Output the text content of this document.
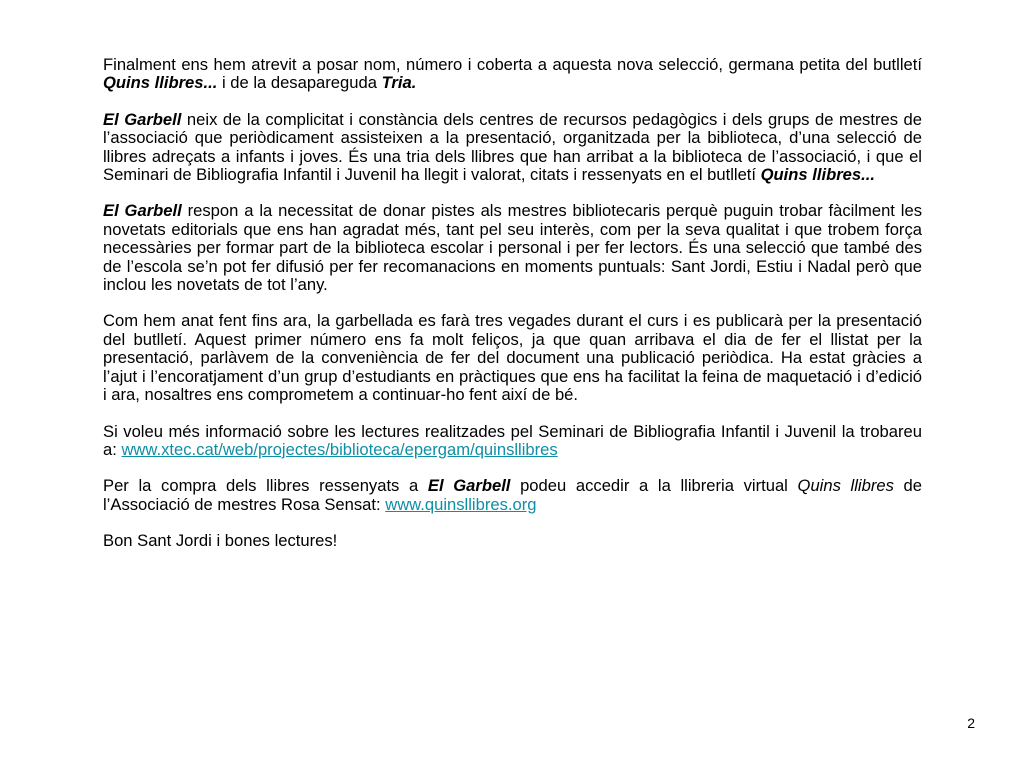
Finalment ens hem atrevit a posar nom, número i coberta a aquesta nova selecció, germana petita del butlletí Quins llibres... i de la desapareguda Tria.

El Garbell neix de la complicitat i constància dels centres de recursos pedagògics i dels grups de mestres de l’associació que periòdicament assisteixen a la presentació, organitzada per la biblioteca, d’una selecció de llibres adreçats a infants i joves. És una tria dels llibres que han arribat a la biblioteca de l’associació, i que el Seminari de Bibliografia Infantil i Juvenil ha llegit i valorat, citats i ressenyats en el butlletí Quins llibres...

El Garbell respon a la necessitat de donar pistes als mestres bibliotecaris perquè puguin trobar fàcilment les novetats editorials que ens han agradat més, tant pel seu interès, com per la seva qualitat i que trobem força necessàries per formar part de la biblioteca escolar i personal i per fer lectors. És una selecció que també des de l’escola se’n pot fer difusió per fer recomanacions en moments puntuals: Sant Jordi, Estiu i Nadal però que inclou les novetats de tot l’any.

Com hem anat fent fins ara, la garbellada es farà tres vegades durant el curs i es publicarà per la presentació del butlletí. Aquest primer número ens fa molt feliços, ja que quan arribava el dia de fer el llistat per la presentació, parlàvem de la conveniència de fer del document una publicació periòdica. Ha estat gràcies a l’ajut i l’encoratjament d’un grup d’estudiants en pràctiques que ens ha facilitat la feina de maquetació i d’edició i ara, nosaltres ens comprometem a continuar-ho fent així de bé.

Si voleu més informació sobre les lectures realitzades pel Seminari de Bibliografia Infantil i Juvenil la trobareu a: www.xtec.cat/web/projectes/biblioteca/epergam/quinsllibres

Per la compra dels llibres ressenyats a El Garbell podeu accedir a la llibreria virtual Quins llibres de l’Associació de mestres Rosa Sensat: www.quinsllibres.org

Bon Sant Jordi i bones lectures!

2
